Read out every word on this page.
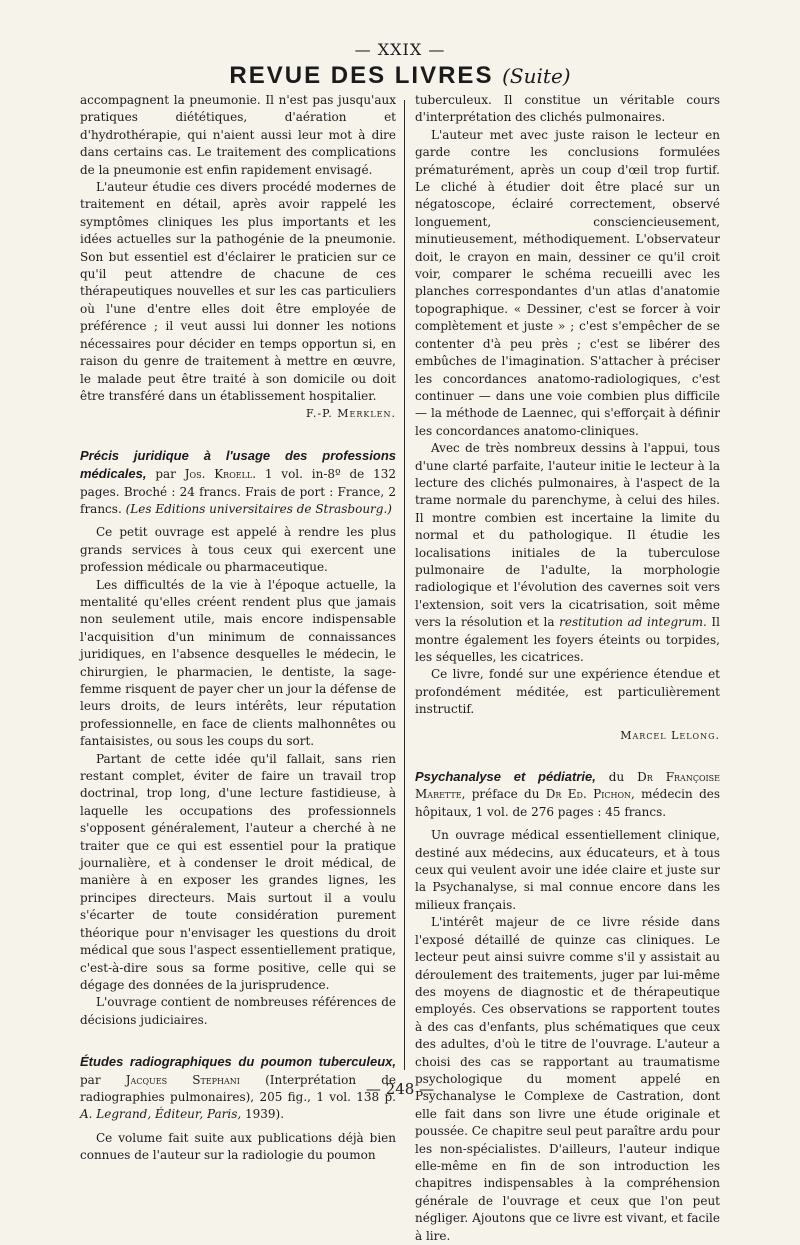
— XXIX —
REVUE DES LIVRES (Suite)

accompagnent la pneumonie. Il n'est pas jusqu'aux pratiques diététiques, d'aération et d'hydrothérapie, qui n'aient aussi leur mot à dire dans certains cas. Le traitement des complications de la pneumonie est enfin rapidement envisagé.

L'auteur étudie ces divers procédé modernes de traitement en détail, après avoir rappelé les symptômes cliniques les plus importants et les idées actuelles sur la pathogénie de la pneumonie. Son but essentiel est d'éclairer le praticien sur ce qu'il peut attendre de chacune de ces thérapeutiques nouvelles et sur les cas particuliers où l'une d'entre elles doit être employée de préférence ; il veut aussi lui donner les notions nécessaires pour décider en temps opportun si, en raison du genre de traitement à mettre en œuvre, le malade peut être traité à son domicile ou doit être transféré dans un établissement hospitalier.

F.-P. Merklen.

Précis juridique à l'usage des professions médicales, par Jos. Kroell. 1 vol. in-8º de 132 pages. Broché : 24 francs. Frais de port : France, 2 francs. (Les Editions universitaires de Strasbourg.)

Ce petit ouvrage est appelé à rendre les plus grands services à tous ceux qui exercent une profession médicale ou pharmaceutique.

Les difficultés de la vie à l'époque actuelle, la mentalité qu'elles créent rendent plus que jamais non seulement utile, mais encore indispensable l'acquisition d'un minimum de connaissances juridiques, en l'absence desquelles le médecin, le chirurgien, le pharmacien, le dentiste, la sage-femme risquent de payer cher un jour la défense de leurs droits, de leurs intérêts, leur réputation professionnelle, en face de clients malhonnêtes ou fantaisistes, ou sous les coups du sort.

Partant de cette idée qu'il fallait, sans rien restant complet, éviter de faire un travail trop doctrinal, trop long, d'une lecture fastidieuse, à laquelle les occupations des professionnels s'opposent généralement, l'auteur a cherché à ne traiter que ce qui est essentiel pour la pratique journalière, et à condenser le droit médical, de manière à en exposer les grandes lignes, les principes directeurs. Mais surtout il a voulu s'écarter de toute considération purement théorique pour n'envisager les questions du droit médical que sous l'aspect essentiellement pratique, c'est-à-dire sous sa forme positive, celle qui se dégage des données de la jurisprudence.

L'ouvrage contient de nombreuses références de décisions judiciaires.

Études radiographiques du poumon tuberculeux, par Jacques Stephani (Interprétation de radiographies pulmonaires), 205 fig., 1 vol. 138 p. A. Legrand, Éditeur, Paris, 1939).

Ce volume fait suite aux publications déjà bien connues de l'auteur sur la radiologie du poumon

tuberculeux. Il constitue un véritable cours d'interprétation des clichés pulmonaires.

L'auteur met avec juste raison le lecteur en garde contre les conclusions formulées prématurément, après un coup d'œil trop furtif. Le cliché à étudier doit être placé sur un négatoscope, éclairé correctement, observé longuement, consciencieusement, minutieusement, méthodiquement. L'observateur doit, le crayon en main, dessiner ce qu'il croit voir, comparer le schéma recueilli avec les planches correspondantes d'un atlas d'anatomie topographique. « Dessiner, c'est se forcer à voir complètement et juste » ; c'est s'empêcher de se contenter d'à peu près ; c'est se libérer des embûches de l'imagination. S'attacher à préciser les concordances anatomo-radiologiques, c'est continuer — dans une voie combien plus difficile — la méthode de Laennec, qui s'efforçait à définir les concordances anatomo-cliniques.

Avec de très nombreux dessins à l'appui, tous d'une clarté parfaite, l'auteur initie le lecteur à la lecture des clichés pulmonaires, à l'aspect de la trame normale du parenchyme, à celui des hiles. Il montre combien est incertaine la limite du normal et du pathologique. Il étudie les localisations initiales de la tuberculose pulmonaire de l'adulte, la morphologie radiologique et l'évolution des cavernes soit vers l'extension, soit vers la cicatrisation, soit même vers la résolution et la restitution ad integrum. Il montre également les foyers éteints ou torpides, les séquelles, les cicatrices.

Ce livre, fondé sur une expérience étendue et profondément méditée, est particulièrement instructif.

Marcel Lelong.

Psychanalyse et pédiatrie, du Dr Françoise Marette, préface du Dr Ed. Pichon, médecin des hôpitaux, 1 vol. de 276 pages : 45 francs.

Un ouvrage médical essentiellement clinique, destiné aux médecins, aux éducateurs, et à tous ceux qui veulent avoir une idée claire et juste sur la Psychanalyse, si mal connue encore dans les milieux français.

L'intérêt majeur de ce livre réside dans l'exposé détaillé de quinze cas cliniques. Le lecteur peut ainsi suivre comme s'il y assistait au déroulement des traitements, juger par lui-même des moyens de diagnostic et de thérapeutique employés. Ces observations se rapportent toutes à des cas d'enfants, plus schématiques que ceux des adultes, d'où le titre de l'ouvrage. L'auteur a choisi des cas se rapportant au traumatisme psychologique du moment appelé en Psychanalyse le Complexe de Castration, dont elle fait dans son livre une étude originale et poussée. Ce chapitre seul peut paraître ardu pour les non-spécialistes. D'ailleurs, l'auteur indique elle-même en fin de son introduction les chapitres indispensables à la compréhension générale de l'ouvrage et ceux que l'on peut négliger. Ajoutons que ce livre est vivant, et facile à lire.

— 248 —
